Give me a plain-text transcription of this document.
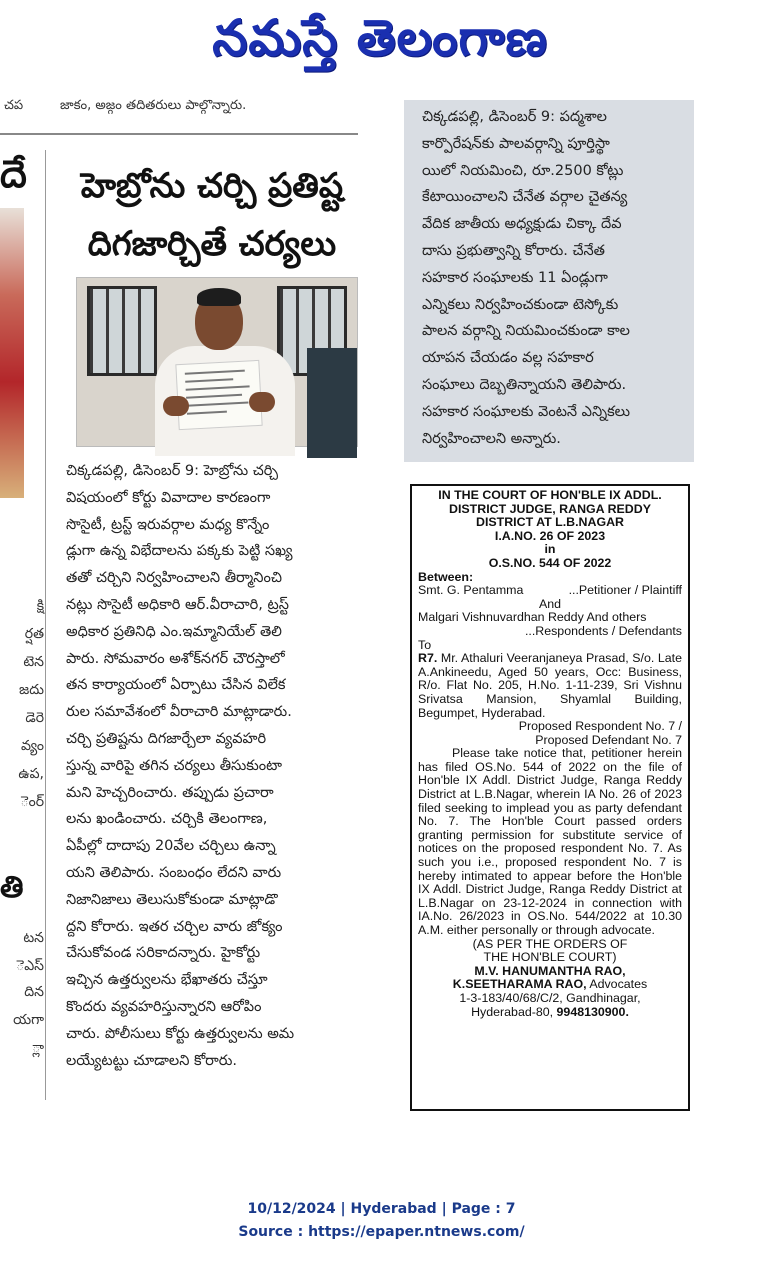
నమస్తే తెలంగాణ
చప	జాకం, అజ్గం తదితరులు పాల్గొన్నారు.
దే
తి
హెబ్రోను చర్చి ప్రతిష్ట
దిగజార్చితే చర్యలు
చిక్కడపల్లి, డిసెంబర్ 9: హెబ్రోను చర్చి
విషయంలో కోర్టు వివాదాల కారణంగా
సొసైటీ, ట్రస్ట్ ఇరువర్గాల మధ్య కొన్నేం
డ్లుగా ఉన్న విభేదాలను పక్కకు పెట్టి సఖ్య
తతో చర్చిని నిర్వహించాలని తీర్మానించి
నట్లు సొసైటీ అధికారి ఆర్.వీరాచారి, ట్రస్ట్
అధికార ప్రతినిధి ఎం.ఇమ్మానియేల్ తెలి
పారు. సోమవారం అశోక్‌నగర్ చౌరస్తాలో
తన కార్యాయంలో ఏర్పాటు చేసిన విలేక
రుల సమావేశంలో వీరాచారి మాట్లాడారు.
చర్చి ప్రతిష్టను దిగజార్చేలా వ్యవహరి
స్తున్న వారిపై తగిన చర్యలు తీసుకుంటా
మని హెచ్చరించారు. తప్పుడు ప్రచారా
లను ఖండించారు. చర్చికి తెలంగాణ,
ఏపీల్లో దాదాపు 20వేల చర్చిలు ఉన్నా
యని తెలిపారు. సంబంధం లేదని వారు
నిజానిజాలు తెలుసుకోకుండా మాట్లాడొ
ద్దని కోరారు. ఇతర చర్చిల వారు జోక్యం
చేసుకోవండ సరికాదన్నారు. హైకోర్టు
ఇచ్చిన ఉత్తర్వులను భేఖాతరు చేస్తూ
కొందరు వ్యవహరిస్తున్నారని ఆరోపిం
చారు. పోలీసులు కోర్టు ఉత్తర్వులను అమ
లయ్యేటట్టు చూడాలని కోరారు.
చిక్కడపల్లి, డిసెంబర్ 9: పద్మశాల
కార్పొరేషన్‌కు పాలవర్గాన్ని పూర్తిస్థా
యిలో నియమించి, రూ.2500 కోట్లు
కేటాయించాలని చేనేత వర్గాల చైతన్య
వేదిక జాతీయ అధ్యక్షుడు చిక్కా దేవ
దాసు ప్రభుత్వాన్ని కోరారు. చేనేత
సహకార సంఘాలకు 11 ఏండ్లుగా
ఎన్నికలు నిర్వహించకుండా టెస్కోకు
పాలన వర్గాన్ని నియమించకుండా కాల
యాపన చేయడం వల్ల సహకార
సంఘాలు దెబ్బతిన్నాయని తెలిపారు.
సహకార సంఘాలకు వెంటనే ఎన్నికలు
నిర్వహించాలని అన్నారు.
IN THE COURT OF HON'BLE IX ADDL.
DISTRICT JUDGE, RANGA REDDY
DISTRICT AT L.B.NAGAR
I.A.NO. 26 OF 2023
in
O.S.NO. 544 OF 2022
Between:
Smt. G. Pentamma	...Petitioner / Plaintiff
And
Malgari Vishnuvardhan Reddy And others
...Respondents / Defendants
To
R7. Mr. Athaluri Veeranjaneya Prasad, S/o. Late A.Ankineedu, Aged 50 years, Occ: Business, R/o. Flat No. 205, H.No. 1-11-239, Sri Vishnu Srivatsa Mansion, Shyamlal Building, Begumpet, Hyderabad.
Proposed Respondent No. 7 /
Proposed Defendant No. 7
Please take notice that, petitioner herein has filed OS.No. 544 of 2022 on the file of Hon'ble IX Addl. District Judge, Ranga Reddy District at L.B.Nagar, wherein IA No. 26 of 2023 filed seeking to implead you as party defendant No. 7. The Hon'ble Court passed orders granting permission for substitute service of notices on the proposed respondent No. 7. As such you i.e., proposed respondent No. 7 is hereby intimated to appear before the Hon'ble IX Addl. District Judge, Ranga Reddy District at L.B.Nagar on 23-12-2024 in connection with IA.No. 26/2023 in OS.No. 544/2022 at 10.30 A.M. either personally or through advocate.
(AS PER THE ORDERS OF
THE HON'BLE COURT)
M.V. HANUMANTHA RAO,
K.SEETHARAMA RAO, Advocates
1-3-183/40/68/C/2, Gandhinagar,
Hyderabad-80, 9948130900.
10/12/2024 | Hyderabad | Page : 7
Source : https://epaper.ntnews.com/
క్షి
ర్షత
టెన
జదు
డెరె
వ్యం
ఉప,
ెంర్
టన
ెఎస్
దిన
యగా
్లా
